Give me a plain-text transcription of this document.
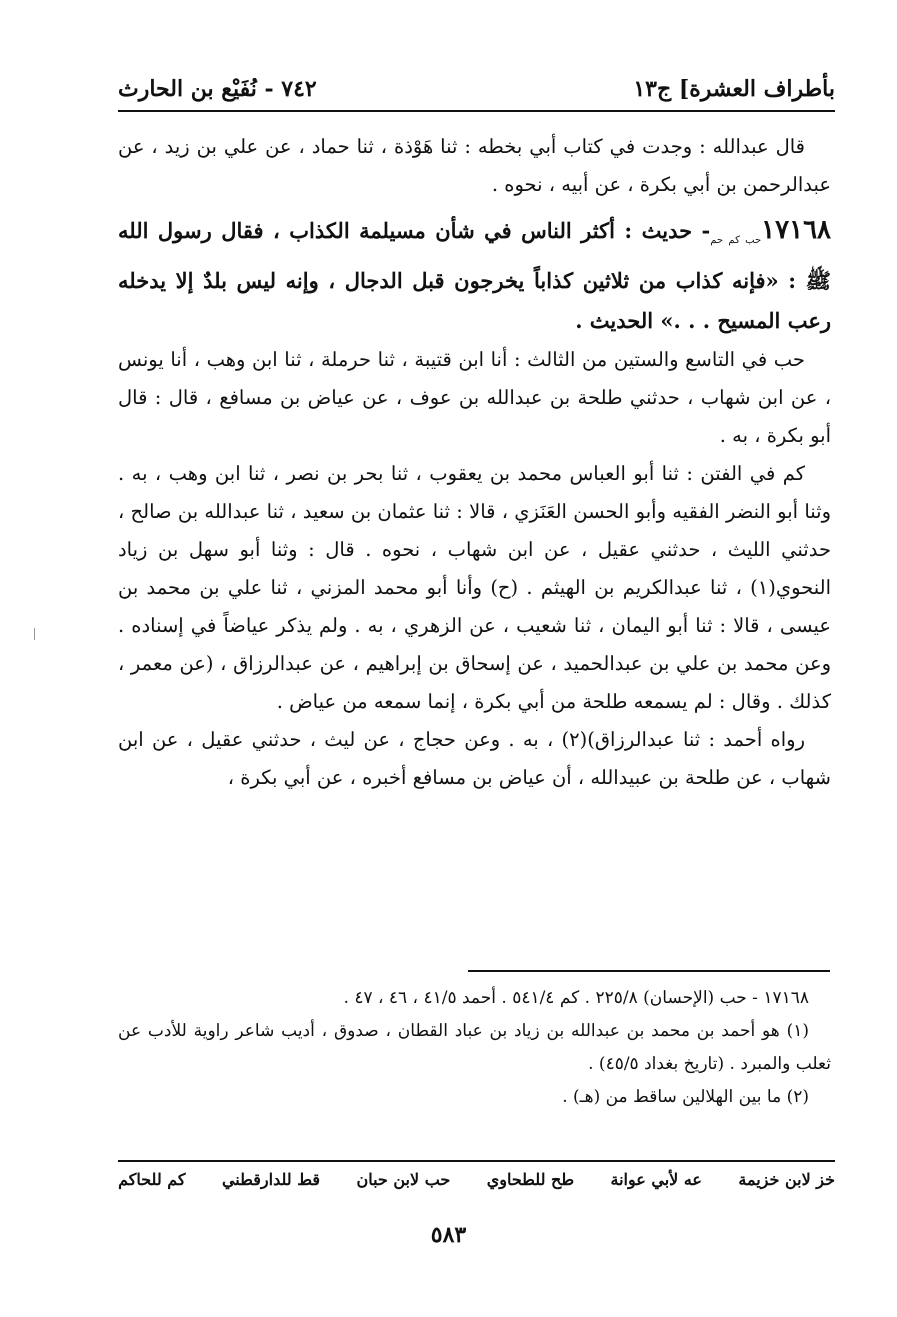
بأطراف العشرة] ج١٣
٧٤٢ - نُفَيْع بن الحارث

قال عبدالله : وجدت في كتاب أبي بخطه : ثنا هَوْذة ، ثنا حماد ، عن علي بن زيد ، عن عبدالرحمن بن أبي بكرة ، عن أبيه ، نحوه .

$١٧١٦٨_{حب كم حم}-$ حديث : أكثر الناس في شأن مسيلمة الكذاب ، فقال رسول الله ﷺ : «فإنه كذاب من ثلاثين كذاباً يخرجون قبل الدجال ، وإنه ليس بلدٌ إلا يدخله رعب المسيح . . .» الحديث .

حب في التاسع والستين من الثالث : أنا ابن قتيبة ، ثنا حرملة ، ثنا ابن وهب ، أنا يونس ، عن ابن شهاب ، حدثني طلحة بن عبدالله بن عوف ، عن عياض بن مسافع ، قال : قال أبو بكرة ، به .

كم في الفتن : ثنا أبو العباس محمد بن يعقوب ، ثنا بحر بن نصر ، ثنا ابن وهب ، به . وثنا أبو النضر الفقيه وأبو الحسن العَنَزي ، قالا : ثنا عثمان بن سعيد ، ثنا عبدالله بن صالح ، حدثني الليث ، حدثني عقيل ، عن ابن شهاب ، نحوه . قال : وثنا أبو سهل بن زياد النحوي(١) ، ثنا عبدالكريم بن الهيثم . (ح) وأنا أبو محمد المزني ، ثنا علي بن محمد بن عيسى ، قالا : ثنا أبو اليمان ، ثنا شعيب ، عن الزهري ، به . ولم يذكر عياضاً في إسناده . وعن محمد بن علي بن عبدالحميد ، عن إسحاق بن إبراهيم ، عن عبدالرزاق ، (عن معمر ، كذلك . وقال : لم يسمعه طلحة من أبي بكرة ، إنما سمعه من عياض .

رواه أحمد : ثنا عبدالرزاق)(٢) ، به . وعن حجاج ، عن ليث ، حدثني عقيل ، عن ابن شهاب ، عن طلحة بن عبيدالله ، أن عياض بن مسافع أخبره ، عن أبي بكرة ،

١٧١٦٨ - حب (الإحسان) ٢٢٥/٨ . كم ٥٤١/٤ . أحمد ٤١/٥ ، ٤٦ ، ٤٧ .

(١) هو أحمد بن محمد بن عبدالله بن زياد بن عباد القطان ، صدوق ، أديب شاعر راوية للأدب عن ثعلب والمبرد . (تاريخ بغداد ٤٥/٥) .

(٢) ما بين الهلالين ساقط من (هـ) .

خز لابن خزيمة
عه لأبي عوانة
طح للطحاوي
حب لابن حبان
قط للدارقطني
كم للحاكم
٥٨٣
